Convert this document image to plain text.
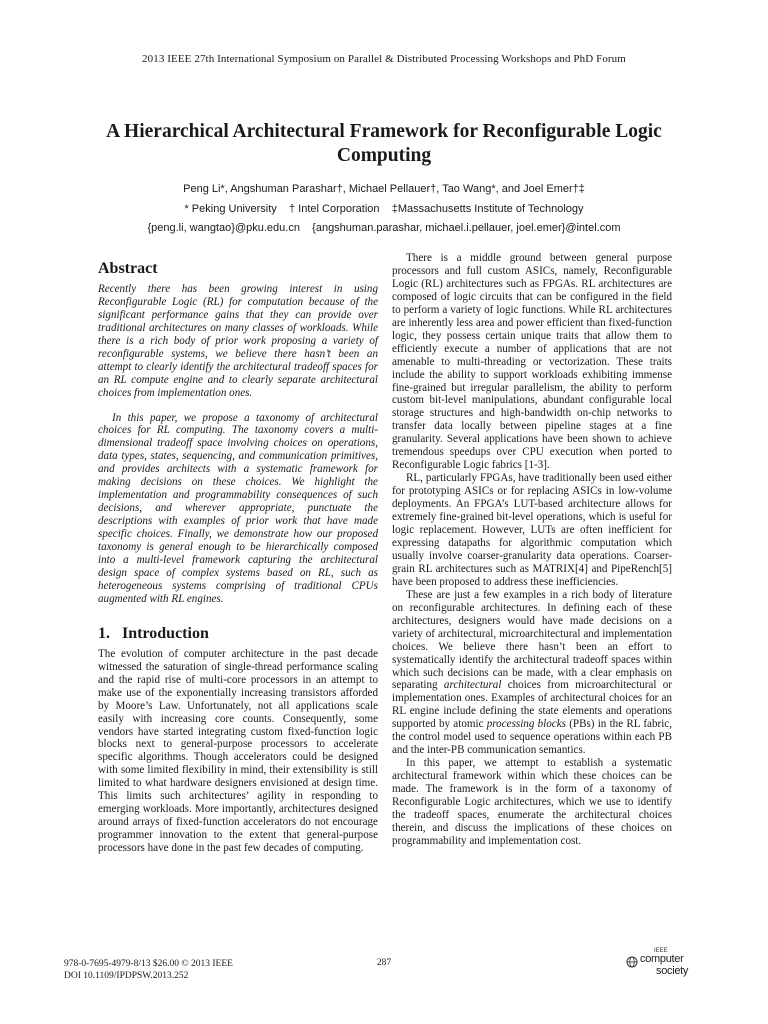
2013 IEEE 27th International Symposium on Parallel & Distributed Processing Workshops and PhD Forum
A Hierarchical Architectural Framework for Reconfigurable Logic Computing
Peng Li*, Angshuman Parashar†, Michael Pellauer†, Tao Wang*, and Joel Emer†‡
* Peking University    † Intel Corporation    ‡Massachusetts Institute of Technology
{peng.li, wangtao}@pku.edu.cn    {angshuman.parashar, michael.i.pellauer, joel.emer}@intel.com
Abstract

Recently there has been growing interest in using Reconfigurable Logic (RL) for computation because of the significant performance gains that they can provide over traditional architectures on many classes of workloads. While there is a rich body of prior work proposing a variety of reconfigurable systems, we believe there hasn’t been an attempt to clearly identify the architectural tradeoff spaces for an RL compute engine and to clearly separate architectural choices from implementation ones.

In this paper, we propose a taxonomy of architectural choices for RL computing. The taxonomy covers a multi-dimensional tradeoff space involving choices on operations, data types, states, sequencing, and communication primitives, and provides architects with a systematic framework for making decisions on these choices. We highlight the implementation and programmability consequences of such decisions, and wherever appropriate, punctuate the descriptions with examples of prior work that have made specific choices. Finally, we demonstrate how our proposed taxonomy is general enough to be hierarchically composed into a multi-level framework capturing the architectural design space of complex systems based on RL, such as heterogeneous systems comprising of traditional CPUs augmented with RL engines.

1.   Introduction

The evolution of computer architecture in the past decade witnessed the saturation of single-thread performance scaling and the rapid rise of multi-core processors in an attempt to make use of the exponentially increasing transistors afforded by Moore’s Law. Unfortunately, not all applications scale easily with increasing core counts. Consequently, some vendors have started integrating custom fixed-function logic blocks next to general-purpose processors to accelerate specific algorithms. Though accelerators could be designed with some limited flexibility in mind, their extensibility is still limited to what hardware designers envisioned at design time. This limits such architectures’ agility in responding to emerging workloads. More importantly, architectures designed around arrays of fixed-function accelerators do not encourage programmer innovation to the extent that general-purpose processors have done in the past few decades of computing.

There is a middle ground between general purpose processors and full custom ASICs, namely, Reconfigurable Logic (RL) architectures such as FPGAs. RL architectures are composed of logic circuits that can be configured in the field to perform a variety of logic functions. While RL architectures are inherently less area and power efficient than fixed-function logic, they possess certain unique traits that allow them to efficiently execute a number of applications that are not amenable to multi-threading or vectorization. These traits include the ability to support workloads exhibiting immense fine-grained but irregular parallelism, the ability to perform custom bit-level manipulations, abundant configurable local storage structures and high-bandwidth on-chip networks to transfer data locally between pipeline stages at a fine granularity. Several applications have been shown to achieve tremendous speedups over CPU execution when ported to Reconfigurable Logic fabrics [1-3].

RL, particularly FPGAs, have traditionally been used either for prototyping ASICs or for replacing ASICs in low-volume deployments. An FPGA’s LUT-based architecture allows for extremely fine-grained bit-level operations, which is useful for logic replacement. However, LUTs are often inefficient for expressing datapaths for algorithmic computation which usually involve coarser-granularity data operations. Coarser-grain RL architectures such as MATRIX[4] and PipeRench[5] have been proposed to address these inefficiencies.

These are just a few examples in a rich body of literature on reconfigurable architectures. In defining each of these architectures, designers would have made decisions on a variety of architectural, microarchitectural and implementation choices. We believe there hasn’t been an effort to systematically identify the architectural tradeoff spaces within which such decisions can be made, with a clear emphasis on separating architectural choices from microarchitectural or implementation ones. Examples of architectural choices for an RL engine include defining the state elements and operations supported by atomic processing blocks (PBs) in the RL fabric, the control model used to sequence operations within each PB and the inter-PB communication semantics.

In this paper, we attempt to establish a systematic architectural framework within which these choices can be made. The framework is in the form of a taxonomy of Reconfigurable Logic architectures, which we use to identify the tradeoff spaces, enumerate the architectural choices therein, and discuss the implications of these choices on programmability and implementation cost.

978-0-7695-4979-8/13 $26.00 © 2013 IEEE
DOI 10.1109/IPDPSW.2013.252
287
IEEE
computer
society
